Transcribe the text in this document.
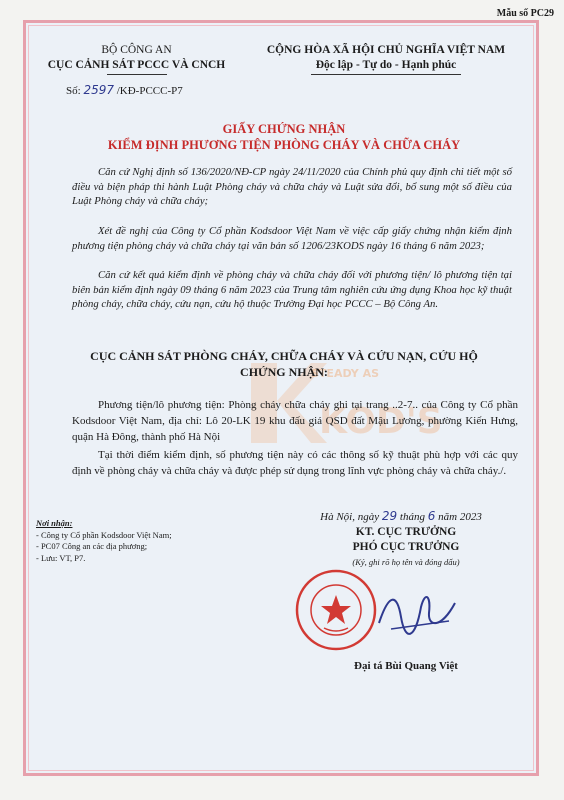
Mẫu số PC29
BỘ CÔNG AN
CỤC CẢNH SÁT PCCC VÀ CNCH
CỘNG HÒA XÃ HỘI CHỦ NGHĨA VIỆT NAM
Độc lập - Tự do - Hạnh phúc
Số: 2597 /KĐ-PCCC-P7
GIẤY CHỨNG NHẬN
KIỂM ĐỊNH PHƯƠNG TIỆN PHÒNG CHÁY VÀ CHỮA CHÁY
Căn cứ Nghị định số 136/2020/NĐ-CP ngày 24/11/2020 của Chính phủ quy định chi tiết một số điều và biện pháp thi hành Luật Phòng cháy và chữa cháy và Luật sửa đổi, bổ sung một số điều của Luật Phòng cháy và chữa cháy;
Xét đề nghị của Công ty Cổ phần Kodsdoor Việt Nam về việc cấp giấy chứng nhận kiểm định phương tiện phòng cháy và chữa cháy tại văn bản số 1206/23KODS ngày 16 tháng 6 năm 2023;
Căn cứ kết quả kiểm định về phòng cháy và chữa cháy đối với phương tiện/ lô phương tiện tại biên bản kiểm định ngày 09 tháng 6 năm 2023 của Trung tâm nghiên cứu ứng dụng Khoa học kỹ thuật phòng cháy, chữa cháy, cứu nạn, cứu hộ thuộc Trường Đại học PCCC – Bộ Công An.
STEADY AS
KOD'S
CỤC CẢNH SÁT PHÒNG CHÁY, CHỮA CHÁY VÀ CỨU NẠN, CỨU HỘ
CHỨNG NHẬN:
Phương tiện/lô phương tiện: Phòng cháy chữa cháy ghi tại trang ..2-7.. của Công ty Cổ phần Kodsdoor Việt Nam, địa chỉ: Lô 20-LK 19 khu đấu giá QSD đất Mậu Lương, phường Kiến Hưng, quận Hà Đông, thành phố Hà Nội
Tại thời điểm kiểm định, số phương tiện này có các thông số kỹ thuật phù hợp với các quy định về phòng cháy và chữa cháy và được phép sử dụng trong lĩnh vực phòng cháy và chữa cháy./.
Hà Nội, ngày 29 tháng 6 năm 2023
Nơi nhận:
- Công ty Cổ phần Kodsdoor Việt Nam;
- PC07 Công an các địa phương;
- Lưu: VT, P7.
KT. CỤC TRƯỞNG
PHÓ CỤC TRƯỞNG
(Ký, ghi rõ họ tên và đóng dấu)
Đại tá Bùi Quang Việt
